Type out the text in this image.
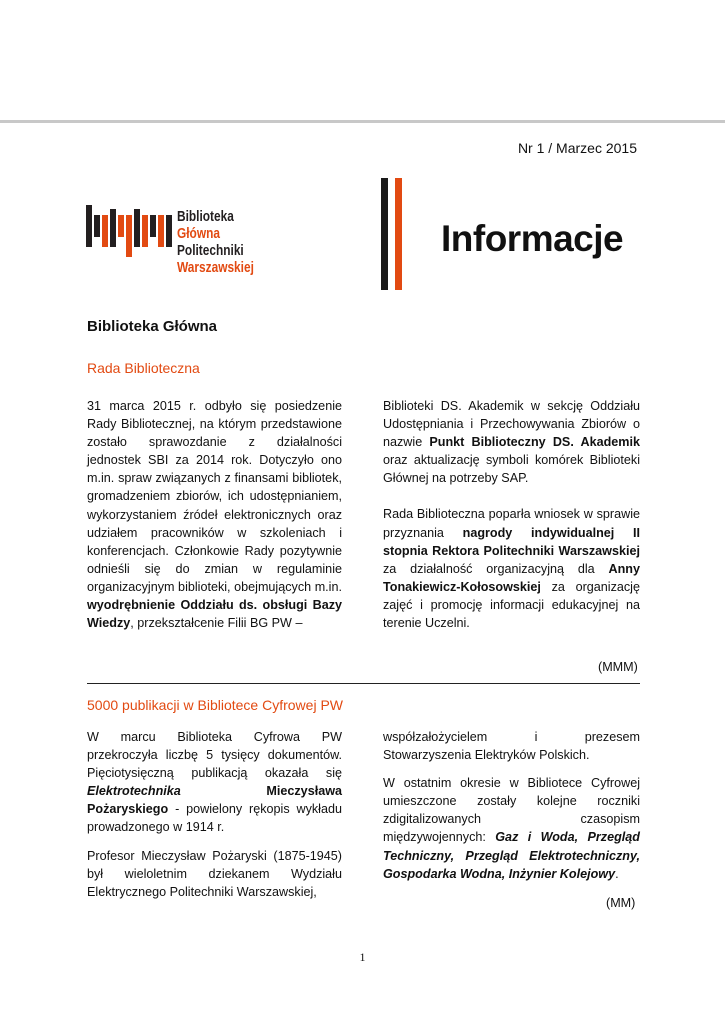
Nr 1 / Marzec 2015
Biblioteka
Główna
Politechniki
Warszawskiej
Informacje
Biblioteka Główna
Rada Biblioteczna

31 marca 2015 r. odbyło się posiedzenie Rady Bibliotecznej, na którym przedstawione zostało sprawozdanie z działalności jednostek SBI za 2014 rok. Dotyczyło ono m.in. spraw związanych z finansami bibliotek, gromadzeniem zbiorów, ich udostępnianiem, wykorzystaniem źródeł elektronicznych oraz udziałem pracowników w szkoleniach i konferencjach. Członkowie Rady pozytywnie odnieśli się do zmian w regulaminie organizacyjnym biblioteki, obejmujących m.in. wyodrębnienie Oddziału ds. obsługi Bazy Wiedzy, przekształcenie Filii BG PW –

Biblioteki DS. Akademik w sekcję Oddziału Udostępniania i Przechowywania Zbiorów o nazwie Punkt Biblioteczny DS. Akademik oraz aktualizację symboli komórek Biblioteki Głównej na potrzeby SAP.

Rada Biblioteczna poparła wniosek w sprawie przyznania nagrody indywidualnej II stopnia Rektora Politechniki Warszawskiej za działalność organizacyjną dla Anny Tonakiewicz-Kołosowskiej za organizację zajęć i promocję informacji edukacyjnej na terenie Uczelni.

(MMM)
5000 publikacji w Bibliotece Cyfrowej PW

W marcu Biblioteka Cyfrowa PW przekroczyła liczbę 5 tysięcy dokumentów. Pięciotysięczną publikacją okazała się Elektrotechnika	Mieczysława Pożaryskiego - powielony rękopis wykładu prowadzonego w 1914 r.

Profesor Mieczysław Pożaryski (1875-1945) był wieloletnim dziekanem Wydziału Elektrycznego Politechniki Warszawskiej,

współzałożycielem i prezesem Stowarzyszenia Elektryków Polskich.

W ostatnim okresie w Bibliotece Cyfrowej umieszczone zostały kolejne roczniki zdigitalizowanych czasopism międzywojennych: Gaz i Woda, Przegląd Techniczny, Przegląd Elektrotechniczny, Gospodarka Wodna, Inżynier Kolejowy.

(MM)
1
